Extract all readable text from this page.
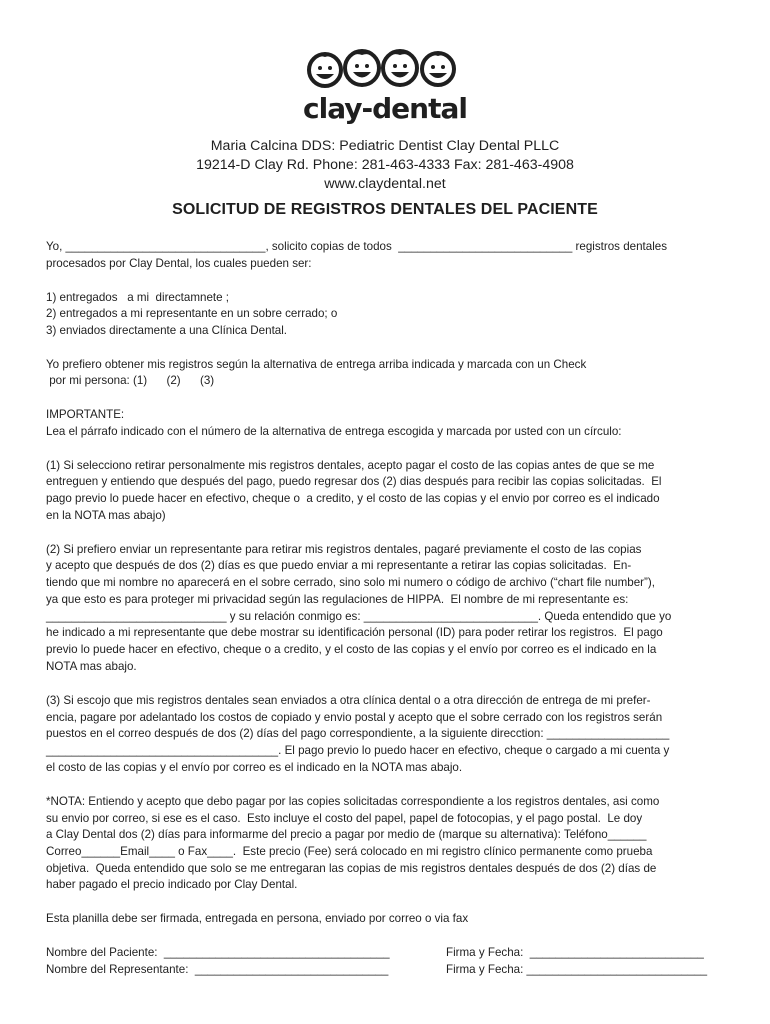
clay-dental
Maria Calcina DDS: Pediatric Dentist Clay Dental PLLC
19214-D Clay Rd. Phone: 281-463-4333 Fax: 281-463-4908
www.claydental.net
SOLICITUD DE REGISTROS DENTALES DEL PACIENTE
Yo, _______________________________, solicito copias de todos  ___________________________ registros dentales
procesados por Clay Dental, los cuales pueden ser:
1) entregados   a mi  directamnete ;
2) entregados a mi representante en un sobre cerrado; o
3) enviados directamente a una Clínica Dental.
Yo prefiero obtener mis registros según la alternativa de entrega arriba indicada y marcada con un Check
por mi persona: (1)      (2)      (3)
IMPORTANTE:
Lea el párrafo indicado con el número de la alternativa de entrega escogida y marcada por usted con un círculo:
(1) Si selecciono retirar personalmente mis registros dentales, acepto pagar el costo de las copias antes de que se me
entreguen y entiendo que después del pago, puedo regresar dos (2) dias después para recibir las copias solicitadas.  El
pago previo lo puede hacer en efectivo, cheque o  a credito, y el costo de las copias y el envio por correo es el indicado
en la NOTA mas abajo)
(2) Si prefiero enviar un representante para retirar mis registros dentales, pagaré previamente el costo de las copias
y acepto que después de dos (2) días es que puedo enviar a mi representante a retirar las copias solicitadas.  En-
tiendo que mi nombre no aparecerá en el sobre cerrado, sino solo mi numero o código de archivo (“chart file number”),
ya que esto es para proteger mi privacidad según las regulaciones de HIPPA.  El nombre de mi representante es:
____________________________ y su relación conmigo es: ___________________________. Queda entendido que yo
he indicado a mi representante que debe mostrar su identificación personal (ID) para poder retirar los registros.  El pago
previo lo puede hacer en efectivo, cheque o a credito, y el costo de las copias y el envío por correo es el indicado en la
NOTA mas abajo.
(3) Si escojo que mis registros dentales sean enviados a otra clínica dental o a otra dirección de entrega de mi prefer-
encia, pagare por adelantado los costos de copiado y envio postal y acepto que el sobre cerrado con los registros serán
puestos en el correo después de dos (2) días del pago correspondiente, a la siguiente direcction: ___________________
____________________________________. El pago previo lo puedo hacer en efectivo, cheque o cargado a mi cuenta y
el costo de las copias y el envío por correo es el indicado en la NOTA mas abajo.
*NOTA: Entiendo y acepto que debo pagar por las copies solicitadas correspondiente a los registros dentales, asi como
su envio por correo, si ese es el caso.  Esto incluye el costo del papel, papel de fotocopias, y el pago postal.  Le doy
a Clay Dental dos (2) días para informarme del precio a pagar por medio de (marque su alternativa): Teléfono______
Correo______Email____ o Fax____.  Este precio (Fee) será colocado en mi registro clínico permanente como prueba
objetiva.  Queda entendido que solo se me entregaran las copias de mis registros dentales después de dos (2) días de
haber pagado el precio indicado por Clay Dental.
Esta planilla debe ser firmada, entregada en persona, enviado por correo o via fax
Nombre del Paciente:  ___________________________________	Firma y Fecha:  ___________________________
Nombre del Representante:  ______________________________	Firma y Fecha: ____________________________
